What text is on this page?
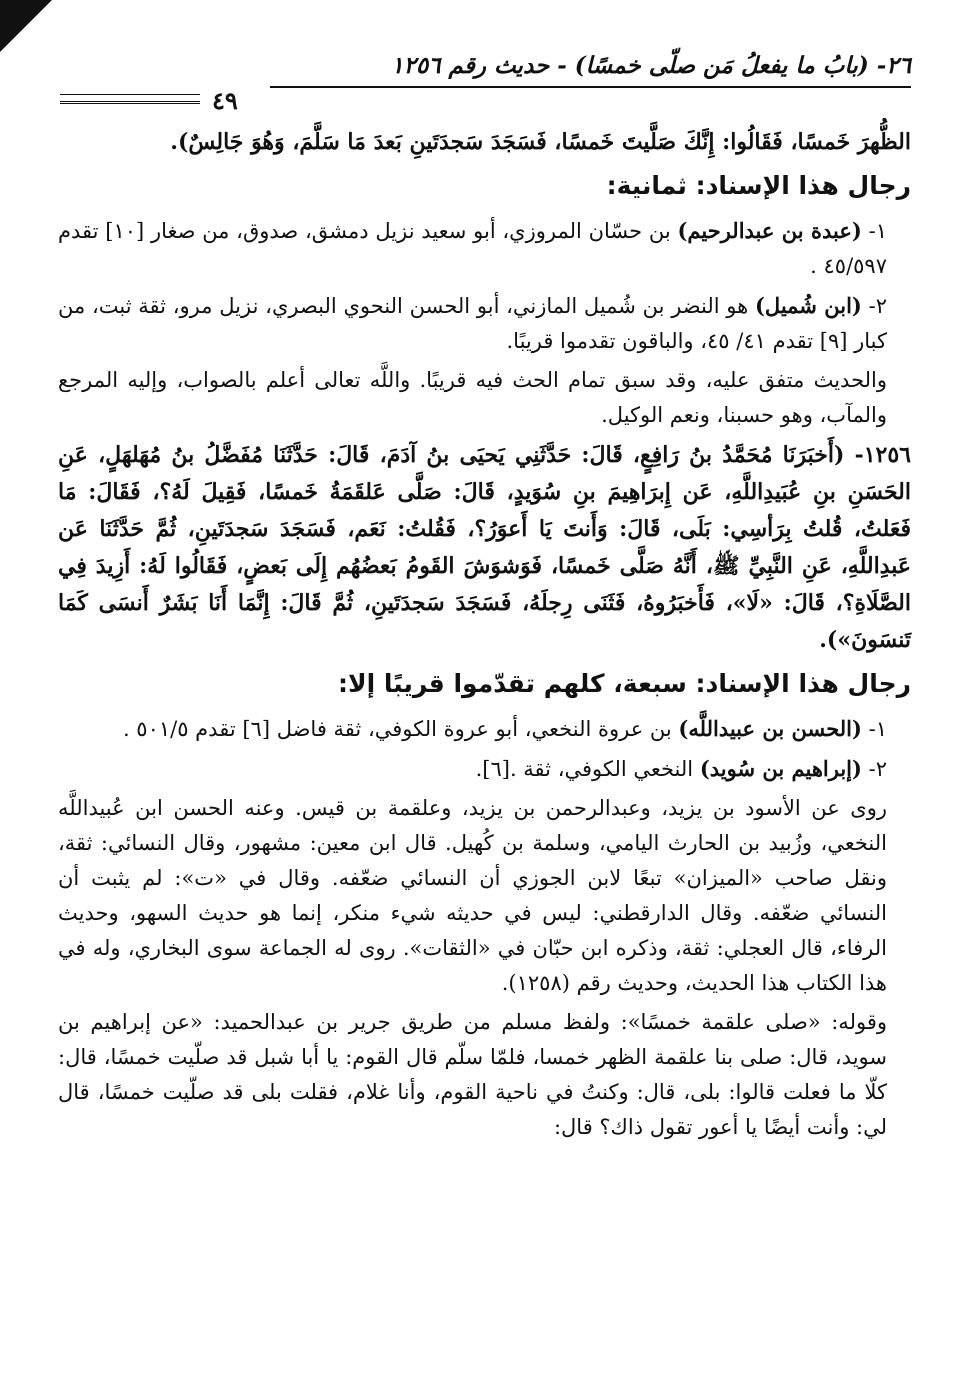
٢٦- (بابُ ما يفعلُ مَن صلّى خمسًا) - حديث رقم ١٢٥٦
٤٩

الظُّهرَ خَمسًا، فَقَالُوا: إِنَّكَ صَلَّيتَ خَمسًا، فَسَجَدَ سَجدَتَينِ بَعدَ مَا سَلَّمَ، وَهُوَ جَالِسٌ).

رجال هذا الإسناد: ثمانية:

١- (عبدة بن عبدالرحيم) بن حسّان المروزي، أبو سعيد نزيل دمشق، صدوق، من صغار [١٠] تقدم ٤٥/٥٩٧ .

٢- (ابن شُميل) هو النضر بن شُميل المازني، أبو الحسن النحوي البصري، نزيل مرو، ثقة ثبت، من كبار [٩] تقدم ٤١/ ٤٥، والباقون تقدموا قريبًا.

والحديث متفق عليه، وقد سبق تمام الحث فيه قريبًا. واللَّه تعالى أعلم بالصواب، وإليه المرجع والمآب، وهو حسبنا، ونعم الوكيل.

١٢٥٦- (أَخبَرَنَا مُحَمَّدُ بنُ رَافِعٍ، قَالَ: حَدَّثَنِي يَحيَى بنُ آدَمَ، قَالَ: حَدَّثَنَا مُفَضَّلُ بنُ مُهَلهَلٍ، عَنِ الحَسَنِ بنِ عُبَيدِاللَّهِ، عَن إِبرَاهِيمَ بنِ سُوَيدٍ، قَالَ: صَلَّى عَلقَمَةُ خَمسًا، فَقِيلَ لَهُ؟، فَقَالَ: مَا فَعَلتُ، قُلتُ بِرَأسِي: بَلَى، قَالَ: وَأَنتَ يَا أَعوَرُ؟، فَقُلتُ: نَعَم، فَسَجَدَ سَجدَتَينِ، ثُمَّ حَدَّثَنَا عَن عَبدِاللَّهِ، عَنِ النَّبِيِّ ﷺ، أَنَّهُ صَلَّى خَمسًا، فَوَشوَشَ القَومُ بَعضُهُم إِلَى بَعضٍ، فَقَالُوا لَهُ: أَزِيدَ فِي الصَّلَاةِ؟، قَالَ: «لَا»، فَأَخبَرُوهُ، فَثَنَى رِجلَهُ، فَسَجَدَ سَجدَتَينِ، ثُمَّ قَالَ: إِنَّمَا أَنَا بَشَرٌ أَنسَى كَمَا تَنسَونَ»).

رجال هذا الإسناد: سبعة، كلهم تقدّموا قريبًا إلا:

١- (الحسن بن عبيداللَّه) بن عروة النخعي، أبو عروة الكوفي، ثقة فاضل [٦] تقدم ٥٠١/٥ .

٢- (إبراهيم بن سُويد) النخعي الكوفي، ثقة .[٦].

روى عن الأسود بن يزيد، وعبدالرحمن بن يزيد، وعلقمة بن قيس. وعنه الحسن ابن عُبيداللَّه النخعي، وزُبيد بن الحارث اليامي، وسلمة بن كُهيل. قال ابن معين: مشهور، وقال النسائي: ثقة، ونقل صاحب «الميزان» تبعًا لابن الجوزي أن النسائي ضعّفه. وقال في «ت»: لم يثبت أن النسائي ضعّفه. وقال الدارقطني: ليس في حديثه شيء منكر، إنما هو حديث السهو، وحديث الرفاء، قال العجلي: ثقة، وذكره ابن حبّان في «الثقات». روى له الجماعة سوى البخاري، وله في هذا الكتاب هذا الحديث، وحديث رقم (١٢٥٨).

وقوله: «صلى علقمة خمسًا»: ولفظ مسلم من طريق جرير بن عبدالحميد: «عن إبراهيم بن سويد، قال: صلى بنا علقمة الظهر خمسا، فلمّا سلّم قال القوم: يا أبا شبل قد صلّيت خمسًا، قال: كلّا ما فعلت قالوا: بلى، قال: وكنتُ في ناحية القوم، وأنا غلام، فقلت بلى قد صلّيت خمسًا، قال لي: وأنت أيضًا يا أعور تقول ذاك؟ قال:
